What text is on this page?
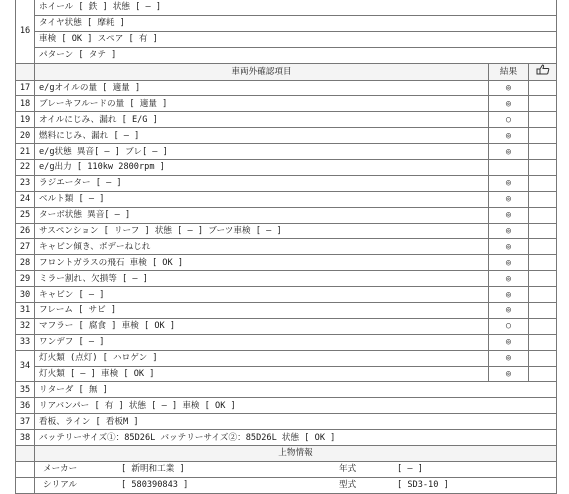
16	ホイール [ 鉄 ] 状態 [ — ]		
	タイヤ状態 [ 摩耗 ]		
	車検 [ OK ] スペア [ 有 ]		
	パターン [ タテ ]		
	車両外確認項目	結果	
17	e/gオイルの量 [ 適量 ]	◎	
18	ブレーキフルードの量 [ 適量 ]	◎	
19	オイルにじみ、漏れ [ E/G ]	○	
20	燃料にじみ、漏れ [ — ]	◎	
21	e/g状態 異音[ — ] ブレ[ — ]	◎	
22	e/g出力 [ 110kw 2800rpm ]		
23	ラジエーター [ — ]	◎	
24	ベルト類 [ — ]	◎	
25	ターボ状態 異音[ — ]	◎	
26	サスペンション [ リーフ ] 状態 [ — ] ブーツ車検 [ — ]	◎	
27	キャビン傾き、ボデーねじれ	◎	
28	フロントガラスの飛石 車検 [ OK ]	◎	
29	ミラー割れ、欠損等 [ — ]	◎	
30	キャビン [ — ]	◎	
31	フレーム [ サビ ]	◎	
32	マフラー [ 腐食 ] 車検 [ OK ]	○	
33	ワンデフ [ — ]	◎	
34	灯火類 (点灯) [ ハロゲン ]	◎	
	灯火類 [ — ] 車検 [ OK ]	◎	
35	リターダ [ 無 ]		
36	リアバンパー [ 有 ] 状態 [ — ] 車検 [ OK ]		
37	看板、ライン [ 看板M ]		
38	バッテリーサイズ①：85D26L バッテリーサイズ②：85D26L 状態 [ OK ]		
	上物情報		
	メーカー [ 新明和工業 ] 年式 [ — ]		
	シリアル [ 580390843 ] 型式 [ SD3-10 ]		
